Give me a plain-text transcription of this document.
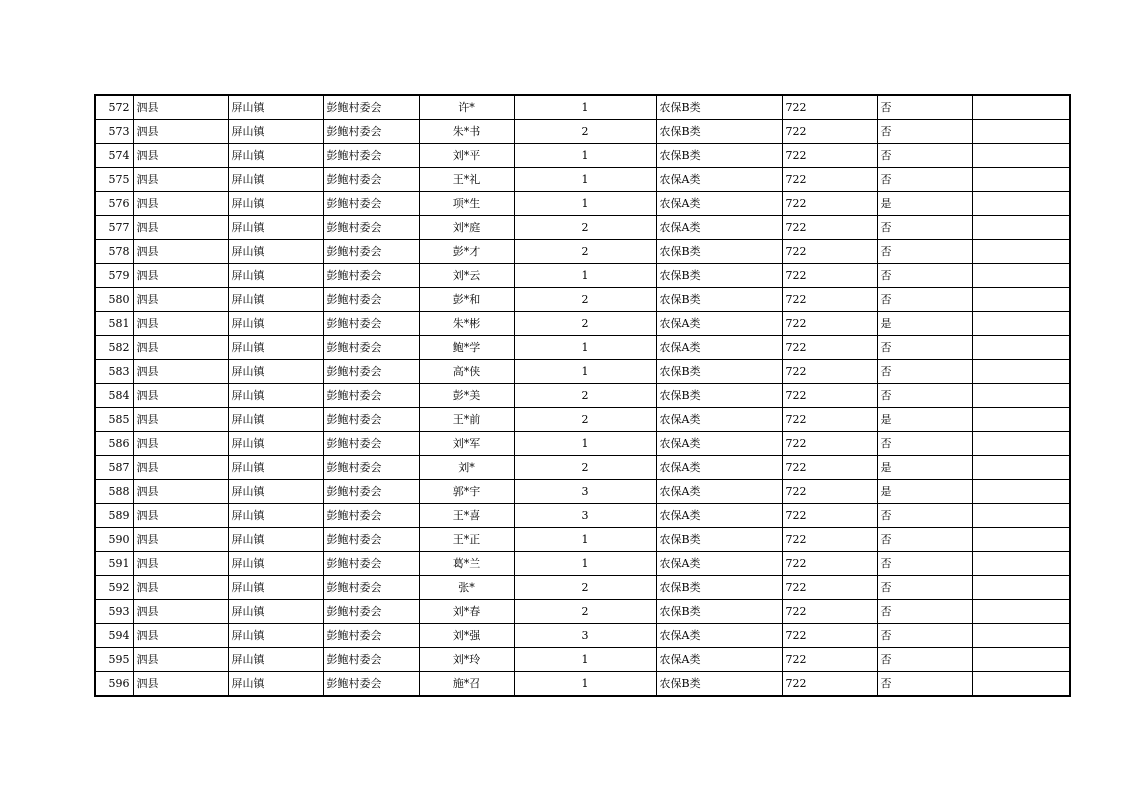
572	泗县	屏山镇	彭鲍村委会	许*	1	农保B类	722	否	
573	泗县	屏山镇	彭鲍村委会	朱*书	2	农保B类	722	否	
574	泗县	屏山镇	彭鲍村委会	刘*平	1	农保B类	722	否	
575	泗县	屏山镇	彭鲍村委会	王*礼	1	农保A类	722	否	
576	泗县	屏山镇	彭鲍村委会	项*生	1	农保A类	722	是	
577	泗县	屏山镇	彭鲍村委会	刘*庭	2	农保A类	722	否	
578	泗县	屏山镇	彭鲍村委会	彭*才	2	农保B类	722	否	
579	泗县	屏山镇	彭鲍村委会	刘*云	1	农保B类	722	否	
580	泗县	屏山镇	彭鲍村委会	彭*和	2	农保B类	722	否	
581	泗县	屏山镇	彭鲍村委会	朱*彬	2	农保A类	722	是	
582	泗县	屏山镇	彭鲍村委会	鲍*学	1	农保A类	722	否	
583	泗县	屏山镇	彭鲍村委会	高*侠	1	农保B类	722	否	
584	泗县	屏山镇	彭鲍村委会	彭*美	2	农保B类	722	否	
585	泗县	屏山镇	彭鲍村委会	王*前	2	农保A类	722	是	
586	泗县	屏山镇	彭鲍村委会	刘*军	1	农保A类	722	否	
587	泗县	屏山镇	彭鲍村委会	刘*	2	农保A类	722	是	
588	泗县	屏山镇	彭鲍村委会	郭*宇	3	农保A类	722	是	
589	泗县	屏山镇	彭鲍村委会	王*喜	3	农保A类	722	否	
590	泗县	屏山镇	彭鲍村委会	王*正	1	农保B类	722	否	
591	泗县	屏山镇	彭鲍村委会	葛*兰	1	农保A类	722	否	
592	泗县	屏山镇	彭鲍村委会	张*	2	农保B类	722	否	
593	泗县	屏山镇	彭鲍村委会	刘*春	2	农保B类	722	否	
594	泗县	屏山镇	彭鲍村委会	刘*强	3	农保A类	722	否	
595	泗县	屏山镇	彭鲍村委会	刘*玲	1	农保A类	722	否	
596	泗县	屏山镇	彭鲍村委会	施*召	1	农保B类	722	否	
